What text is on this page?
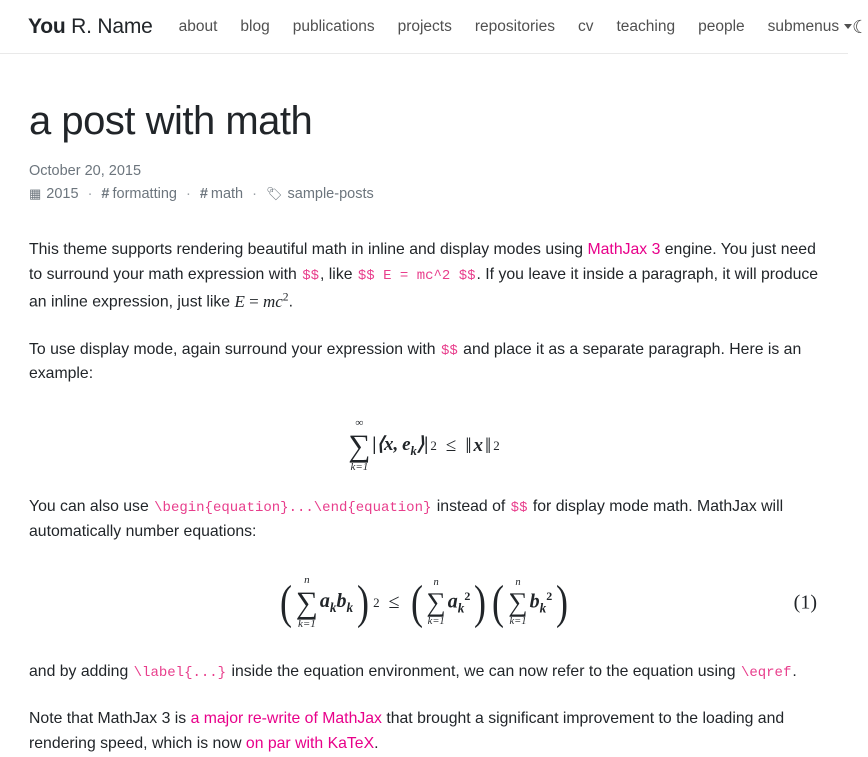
You R. Name about blog publications projects repositories cv teaching people submenus ☾
a post with math
October 20, 2015
▦ 2015 · # formatting · # math · 🏷 sample-posts

This theme supports rendering beautiful math in inline and display modes using MathJax 3 engine. You just need to surround your math expression with $$, like $$ E = mc^2 $$. If you leave it inside a paragraph, it will produce an inline expression, just like $E = mc^2$.

To use display mode, again surround your expression with $$ and place it as a separate paragraph. Here is an example:

∞
∑
k=1
|⟨x, $e_k⟩|$ 2 ≤ ‖ x ‖ 2

You can also use \begin{equation}...\end{equation} instead of $$ for display mode math. MathJax will automatically number equations:

( n
∑
k=1
$a_kb_k$ ) 2 ≤ ( n
∑
k=1
$a_k^2$ ) ( n
∑
k=1
$b_k^2$ )	(1)

and by adding \label{...} inside the equation environment, we can now refer to the equation using \eqref.

Note that MathJax 3 is a major re-write of MathJax that brought a significant improvement to the loading and rendering speed, which is now on par with KaTeX.
